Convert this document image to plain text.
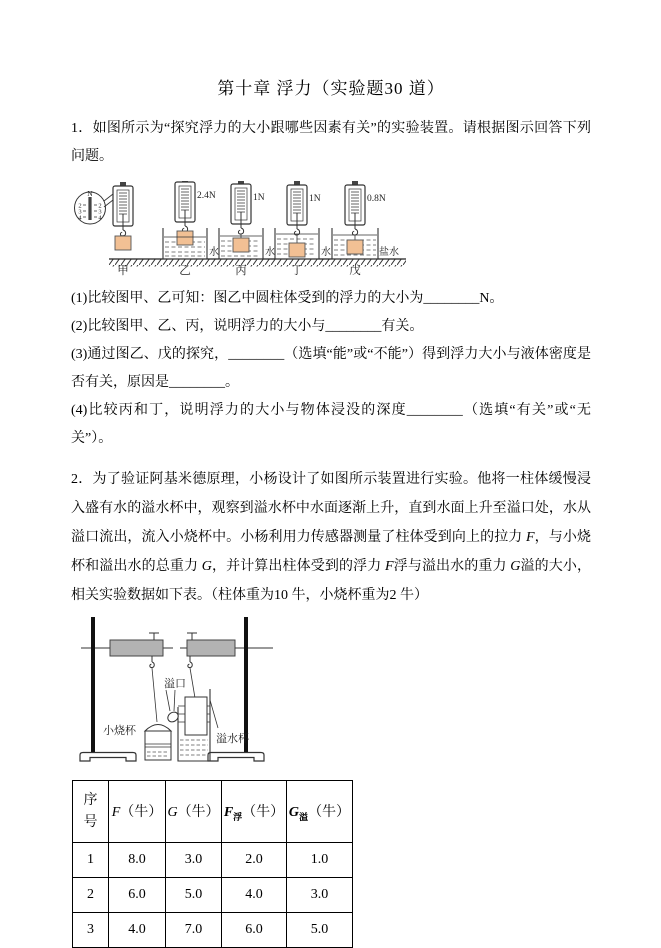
第十章 浮力（实验题30 道）

1．如图所示为“探究浮力的大小跟哪些因素有关”的实验装置。请根据图示回答下列问题。

N
2
3
4
2
3
4
甲
2.4N
水
乙
1N
水
丙
1N
水
丁
0.8N
盐水
戊

(1)比较图甲、乙可知：图乙中圆柱体受到的浮力的大小为________N。

(2)比较图甲、乙、丙，说明浮力的大小与________有关。

(3)通过图乙、戊的探究，________（选填“能”或“不能”）得到浮力大小与液体密度是否有关，原因是________。

(4)比较丙和丁，说明浮力的大小与物体浸没的深度________（选填“有关”或“无关”）。

2．为了验证阿基米德原理，小杨设计了如图所示装置进行实验。他将一柱体缓慢浸入盛有水的溢水杯中，观察到溢水杯中水面逐渐上升，直到水面上升至溢口处，水从溢口流出，流入小烧杯中。小杨利用力传感器测量了柱体受到向上的拉力 F，与小烧杯和溢出水的总重力 G，并计算出柱体受到的浮力 F浮与溢出水的重力 G溢的大小，相关实验数据如下表。（柱体重为10 牛，小烧杯重为2 牛）

溢口
小烧杯
溢水杯
序号	F（牛）	G（牛）	$F_浮$（牛）	$G_溢$（牛）
1	8.0	3.0	2.0	1.0
2	6.0	5.0	4.0	3.0
3	4.0	7.0	6.0	5.0
